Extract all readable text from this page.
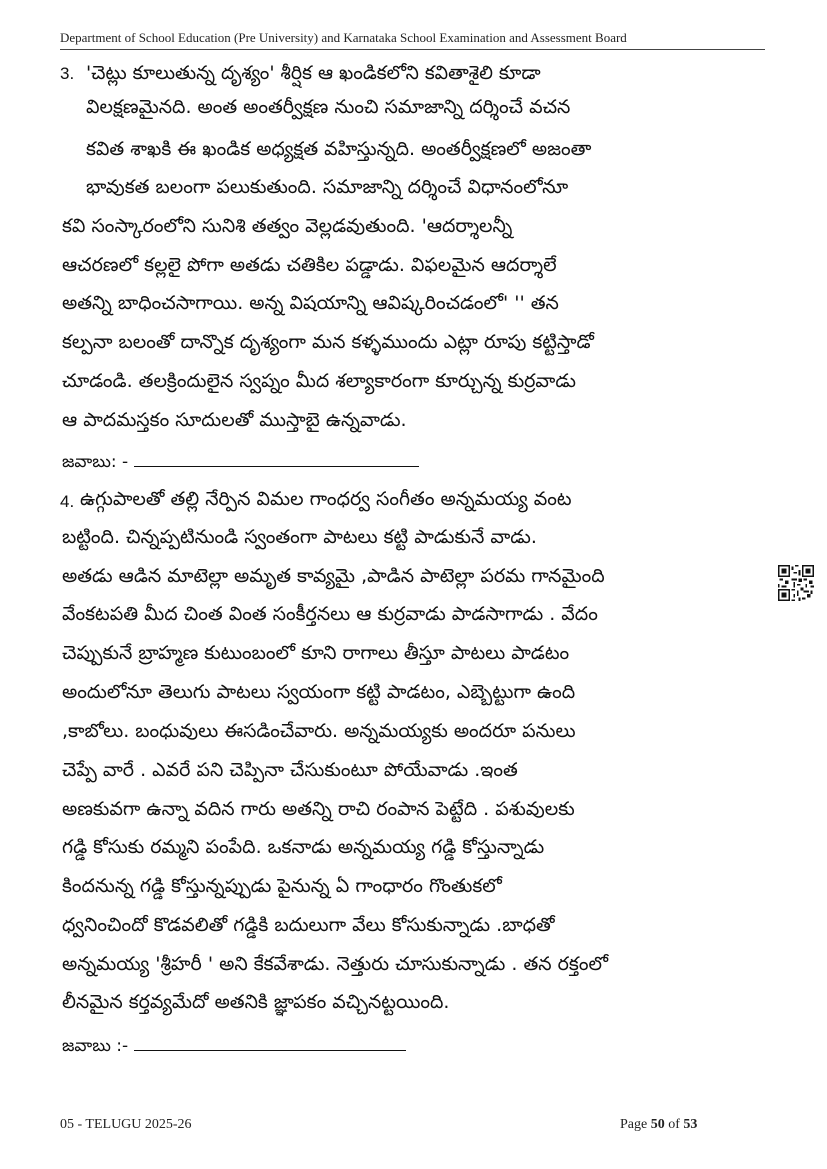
Department of School Education (Pre University) and Karnataka School Examination and Assessment Board
3. 'చెట్లు కూలుతున్న దృశ్యం' శీర్షిక ఆ ఖండికలోని కవితాశైలి కూడా
విలక్షణమైనది. అంత అంతర్వీక్షణ నుంచి సమాజాన్ని దర్శించే వచన
కవిత శాఖకి ఈ ఖండిక అధ్యక్షత వహిస్తున్నది. అంతర్వీక్షణలో అజంతా
భావుకత బలంగా పలుకుతుంది. సమాజాన్ని దర్శించే విధానంలోనూ
కవి సంస్కారంలోని సునిశి తత్వం వెల్లడవుతుంది. 'ఆదర్శాలన్నీ
ఆచరణలో కల్లలై పోగా అతడు చతికిల పడ్డాడు. విఫలమైన ఆదర్శాలే
అతన్ని బాధించసాగాయి. అన్న విషయాన్ని ఆవిష్కరించడంలో' '' తన
కల్పనా బలంతో దాన్నొక దృశ్యంగా మన కళ్ళముందు ఎట్లా రూపు కట్టిస్తాడో
చూడండి. తలక్రిందులైన స్వప్నం మీద శల్యాకారంగా కూర్చున్న కుర్రవాడు
ఆ పాదమస్తకం సూదులతో ముస్తాబై ఉన్నవాడు.
జవాబు: -
4. ఉగ్గుపాలతో తల్లి నేర్పిన విమల గాంధర్వ సంగీతం అన్నమయ్య వంట
బట్టింది. చిన్నప్పటినుండి స్వంతంగా పాటలు కట్టి పాడుకునే వాడు.
అతడు ఆడిన మాటెల్లా అమృత కావ్యమై ,పాడిన పాటెల్లా పరమ గానమైంది
వేంకటపతి మీద చింత వింత సంకీర్తనలు ఆ కుర్రవాడు పాడసాగాడు . వేదం
చెప్పుకునే బ్రాహ్మణ కుటుంబంలో కూని రాగాలు తీస్తూ పాటలు పాడటం
అందులోనూ తెలుగు పాటలు స్వయంగా కట్టి పాడటం, ఎబ్బెట్టుగా ఉంది
,కాబోలు. బంధువులు ఈసడించేవారు. అన్నమయ్యకు అందరూ పనులు
చెప్పే వారే . ఎవరే పని చెప్పినా చేసుకుంటూ పోయేవాడు .ఇంత
అణకువగా ఉన్నా వదిన గారు అతన్ని రాచి రంపాన పెట్టేది . పశువులకు
గడ్డి కోసుకు రమ్మని పంపేది. ఒకనాడు అన్నమయ్య గడ్డి కోస్తున్నాడు
కిందనున్న గడ్డి కోస్తున్నప్పుడు పైనున్న ఏ గాంధారం గొంతుకలో
ధ్వనించిందో కొడవలితో గడ్డికి బదులుగా వేలు కోసుకున్నాడు .బాధతో
అన్నమయ్య 'శ్రీహరీ ' అని కేకవేశాడు. నెత్తురు చూసుకున్నాడు . తన రక్తంలో
లీనమైన కర్తవ్యమేదో అతనికి జ్ఞాపకం వచ్చినట్టయింది.
జవాబు :-
05 - TELUGU 2025-26	Page 50 of 53
